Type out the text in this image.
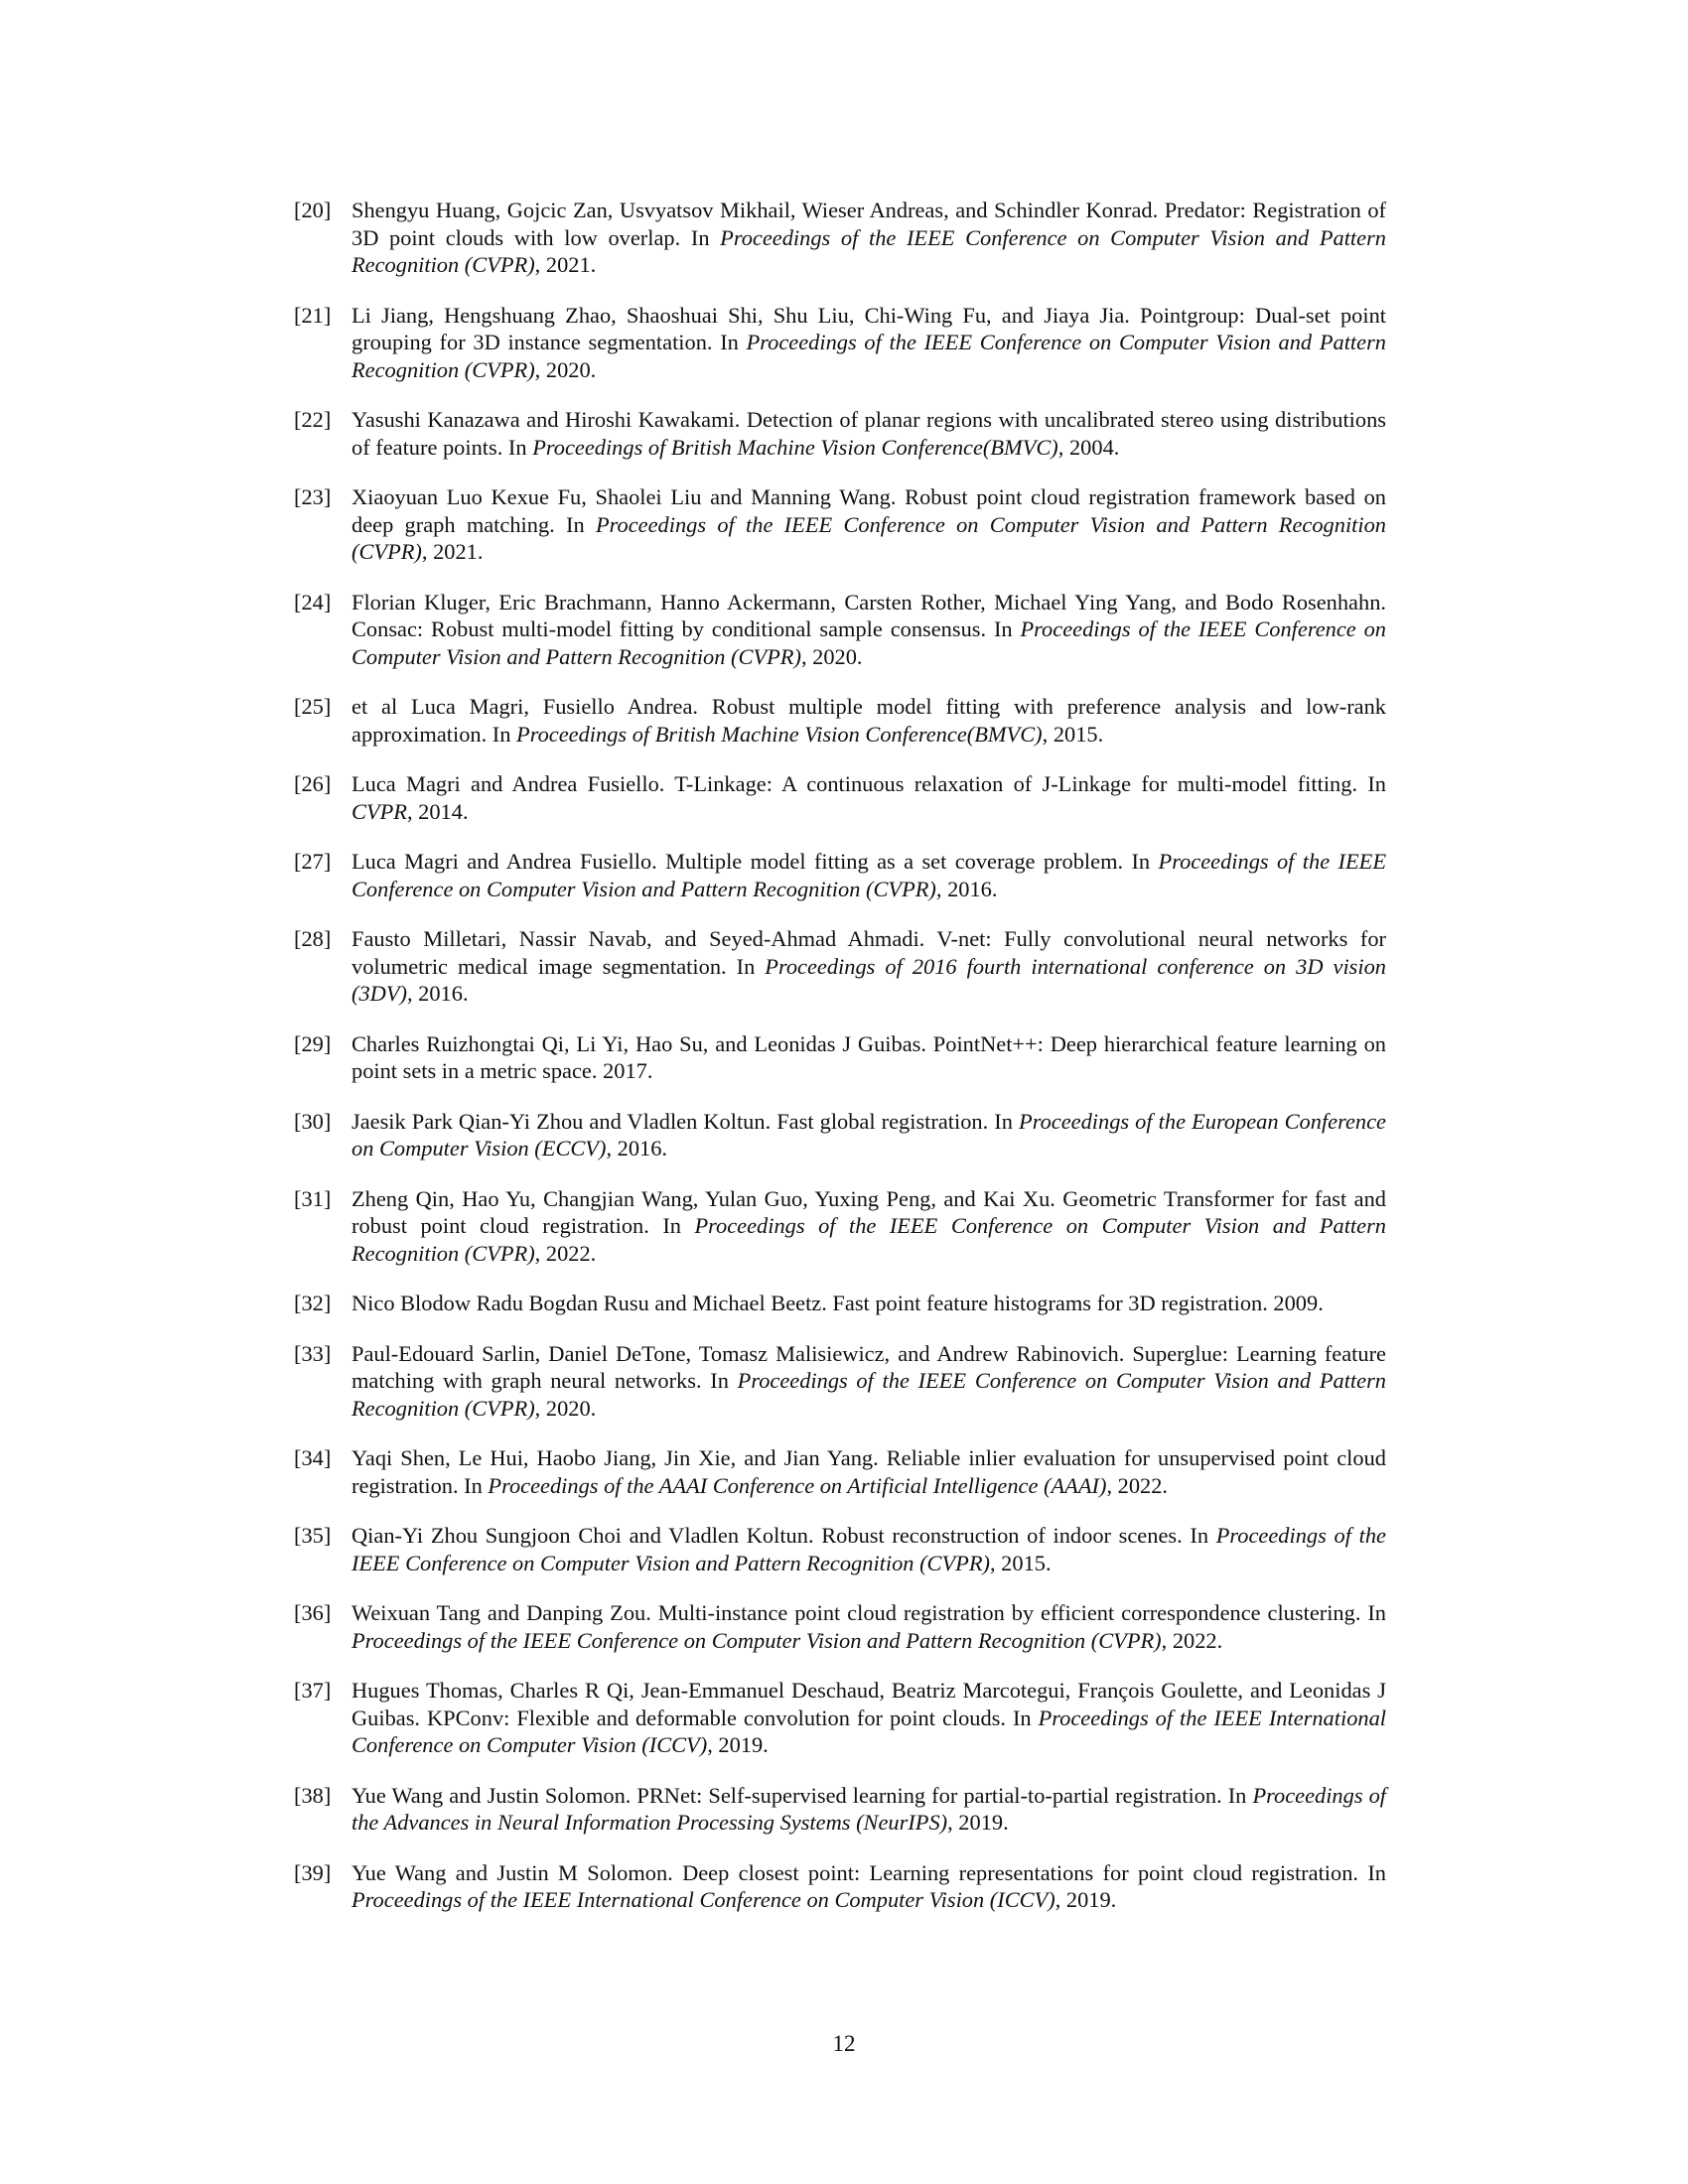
[20] Shengyu Huang, Gojcic Zan, Usvyatsov Mikhail, Wieser Andreas, and Schindler Konrad. Predator: Registration of 3D point clouds with low overlap. In Proceedings of the IEEE Conference on Computer Vision and Pattern Recognition (CVPR), 2021.
[21] Li Jiang, Hengshuang Zhao, Shaoshuai Shi, Shu Liu, Chi-Wing Fu, and Jiaya Jia. Pointgroup: Dual-set point grouping for 3D instance segmentation. In Proceedings of the IEEE Conference on Computer Vision and Pattern Recognition (CVPR), 2020.
[22] Yasushi Kanazawa and Hiroshi Kawakami. Detection of planar regions with uncalibrated stereo using distributions of feature points. In Proceedings of British Machine Vision Conference(BMVC), 2004.
[23] Xiaoyuan Luo Kexue Fu, Shaolei Liu and Manning Wang. Robust point cloud registration framework based on deep graph matching. In Proceedings of the IEEE Conference on Computer Vision and Pattern Recognition (CVPR), 2021.
[24] Florian Kluger, Eric Brachmann, Hanno Ackermann, Carsten Rother, Michael Ying Yang, and Bodo Rosenhahn. Consac: Robust multi-model fitting by conditional sample consensus. In Proceedings of the IEEE Conference on Computer Vision and Pattern Recognition (CVPR), 2020.
[25] et al Luca Magri, Fusiello Andrea. Robust multiple model fitting with preference analysis and low-rank approximation. In Proceedings of British Machine Vision Conference(BMVC), 2015.
[26] Luca Magri and Andrea Fusiello. T-Linkage: A continuous relaxation of J-Linkage for multi-model fitting. In CVPR, 2014.
[27] Luca Magri and Andrea Fusiello. Multiple model fitting as a set coverage problem. In Proceedings of the IEEE Conference on Computer Vision and Pattern Recognition (CVPR), 2016.
[28] Fausto Milletari, Nassir Navab, and Seyed-Ahmad Ahmadi. V-net: Fully convolutional neural networks for volumetric medical image segmentation. In Proceedings of 2016 fourth international conference on 3D vision (3DV), 2016.
[29] Charles Ruizhongtai Qi, Li Yi, Hao Su, and Leonidas J Guibas. PointNet++: Deep hierarchical feature learning on point sets in a metric space. 2017.
[30] Jaesik Park Qian-Yi Zhou and Vladlen Koltun. Fast global registration. In Proceedings of the European Conference on Computer Vision (ECCV), 2016.
[31] Zheng Qin, Hao Yu, Changjian Wang, Yulan Guo, Yuxing Peng, and Kai Xu. Geometric Transformer for fast and robust point cloud registration. In Proceedings of the IEEE Conference on Computer Vision and Pattern Recognition (CVPR), 2022.
[32] Nico Blodow Radu Bogdan Rusu and Michael Beetz. Fast point feature histograms for 3D registration. 2009.
[33] Paul-Edouard Sarlin, Daniel DeTone, Tomasz Malisiewicz, and Andrew Rabinovich. Superglue: Learning feature matching with graph neural networks. In Proceedings of the IEEE Conference on Computer Vision and Pattern Recognition (CVPR), 2020.
[34] Yaqi Shen, Le Hui, Haobo Jiang, Jin Xie, and Jian Yang. Reliable inlier evaluation for unsupervised point cloud registration. In Proceedings of the AAAI Conference on Artificial Intelligence (AAAI), 2022.
[35] Qian-Yi Zhou Sungjoon Choi and Vladlen Koltun. Robust reconstruction of indoor scenes. In Proceedings of the IEEE Conference on Computer Vision and Pattern Recognition (CVPR), 2015.
[36] Weixuan Tang and Danping Zou. Multi-instance point cloud registration by efficient correspondence clustering. In Proceedings of the IEEE Conference on Computer Vision and Pattern Recognition (CVPR), 2022.
[37] Hugues Thomas, Charles R Qi, Jean-Emmanuel Deschaud, Beatriz Marcotegui, François Goulette, and Leonidas J Guibas. KPConv: Flexible and deformable convolution for point clouds. In Proceedings of the IEEE International Conference on Computer Vision (ICCV), 2019.
[38] Yue Wang and Justin Solomon. PRNet: Self-supervised learning for partial-to-partial registration. In Proceedings of the Advances in Neural Information Processing Systems (NeurIPS), 2019.
[39] Yue Wang and Justin M Solomon. Deep closest point: Learning representations for point cloud registration. In Proceedings of the IEEE International Conference on Computer Vision (ICCV), 2019.
12
